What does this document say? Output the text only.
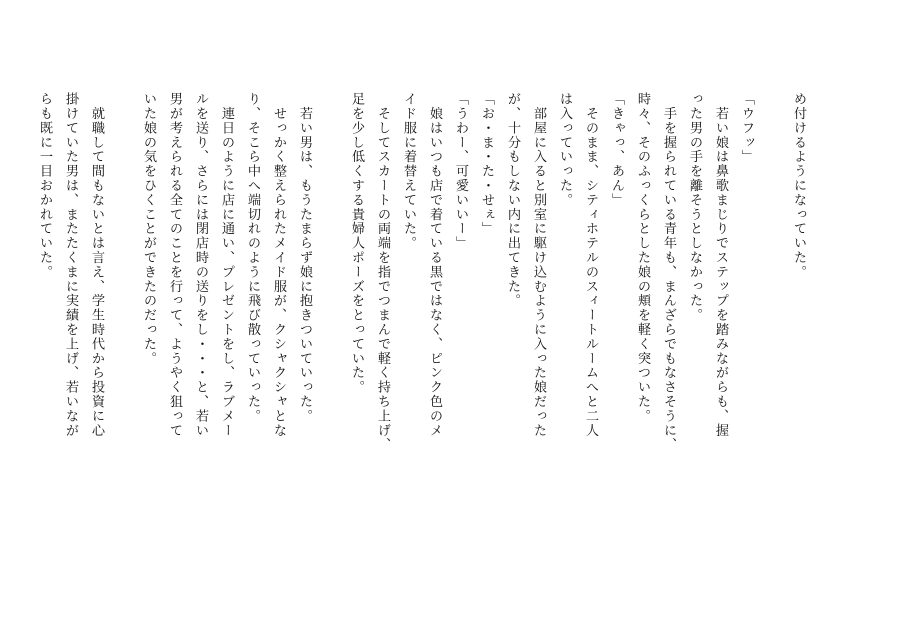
め付けるようになっていた。
「ウフッ」
　若い娘は鼻歌まじりでステップを踏みながらも、握
った男の手を離そうとしなかった。
　手を握られている青年も、まんざらでもなさそうに、
時々、そのふっくらとした娘の頬を軽く突ついた。
「きゃっ、あん」
　そのまま、シティホテルのスィートルームへと二人
は入っていった。
　部屋に入ると別室に駆け込むように入った娘だった
が、十分もしない内に出てきた。
「お・ま・た・せぇ」
「うわー、可愛いいー」
　娘はいつも店で着ている黒ではなく、ピンク色のメ
イド服に着替えていた。
　そしてスカートの両端を指でつまんで軽く持ち上げ、
足を少し低くする貴婦人ポーズをとっていた。
　若い男は、もうたまらず娘に抱きついていった。
　せっかく整えられたメイド服が、クシャクシャとな
り、そこら中へ端切れのように飛び散っていった。
　連日のように店に通い、プレゼントをし、ラブメー
ルを送り、さらには閉店時の送りをし・・・と、若い
男が考えられる全てのことを行って、ようやく狙って
いた娘の気をひくことができたのだった。
　就職して間もないとは言え、学生時代から投資に心
掛けていた男は、またたくまに実績を上げ、若いなが
らも既に一目おかれていた。
